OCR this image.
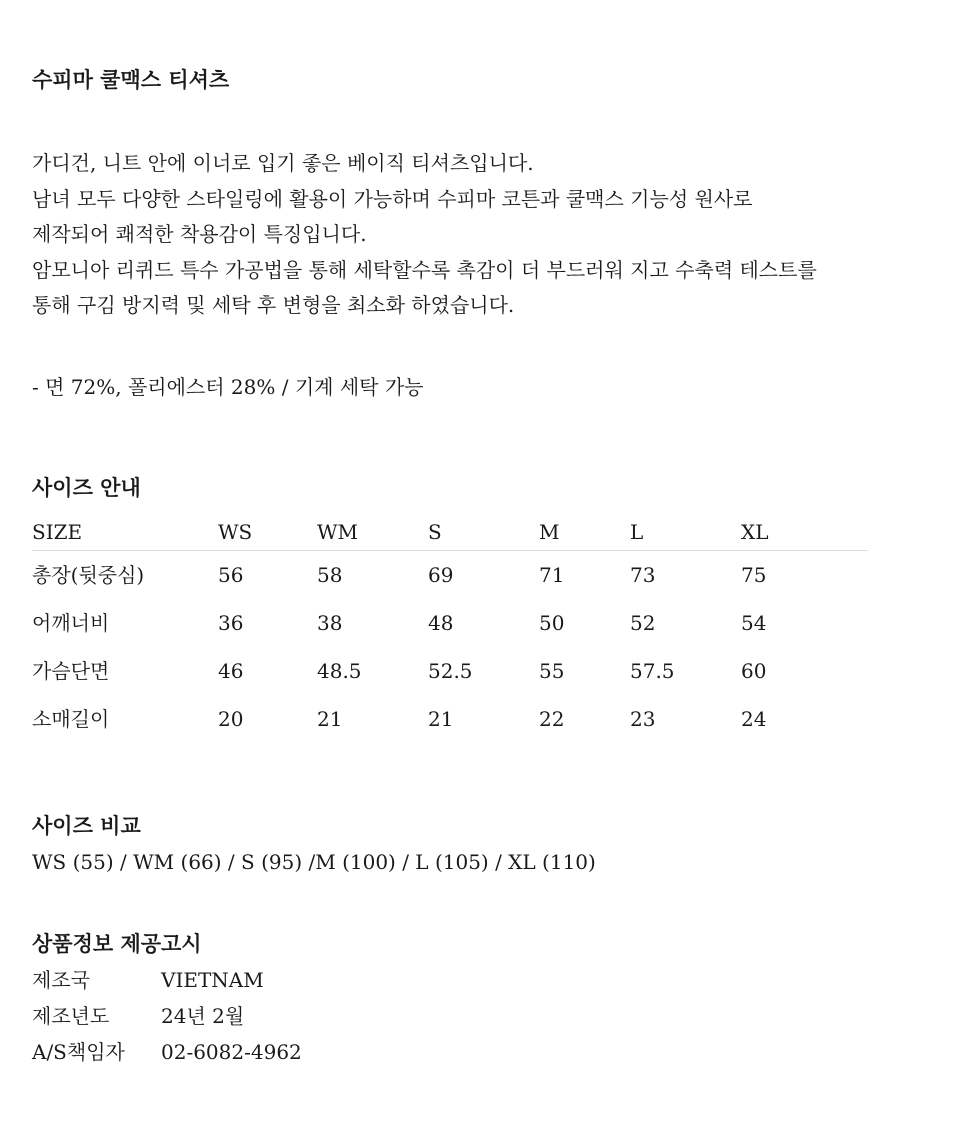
수피마 쿨맥스 티셔츠
가디건, 니트 안에 이너로 입기 좋은 베이직 티셔츠입니다.
남녀 모두 다양한 스타일링에 활용이 가능하며 수피마 코튼과 쿨맥스 기능성 원사로
제작되어 쾌적한 착용감이 특징입니다.
암모니아 리퀴드 특수 가공법을 통해 세탁할수록 촉감이 더 부드러워 지고 수축력 테스트를
통해 구김 방지력 및 세탁 후 변형을 최소화 하였습니다.
- 면 72%, 폴리에스터 28% / 기계 세탁 가능
사이즈 안내
SIZE	WS	WM	S	M	L	XL
총장(뒷중심)	56	58	69	71	73	75
어깨너비	36	38	48	50	52	54
가슴단면	46	48.5	52.5	55	57.5	60
소매길이	20	21	21	22	23	24
사이즈 비교
WS (55) / WM (66) / S (95) /M (100) / L (105) / XL (110)
상품정보 제공고시
제조국	VIETNAM
제조년도	24년 2월
A/S책임자 02-6082-4962
